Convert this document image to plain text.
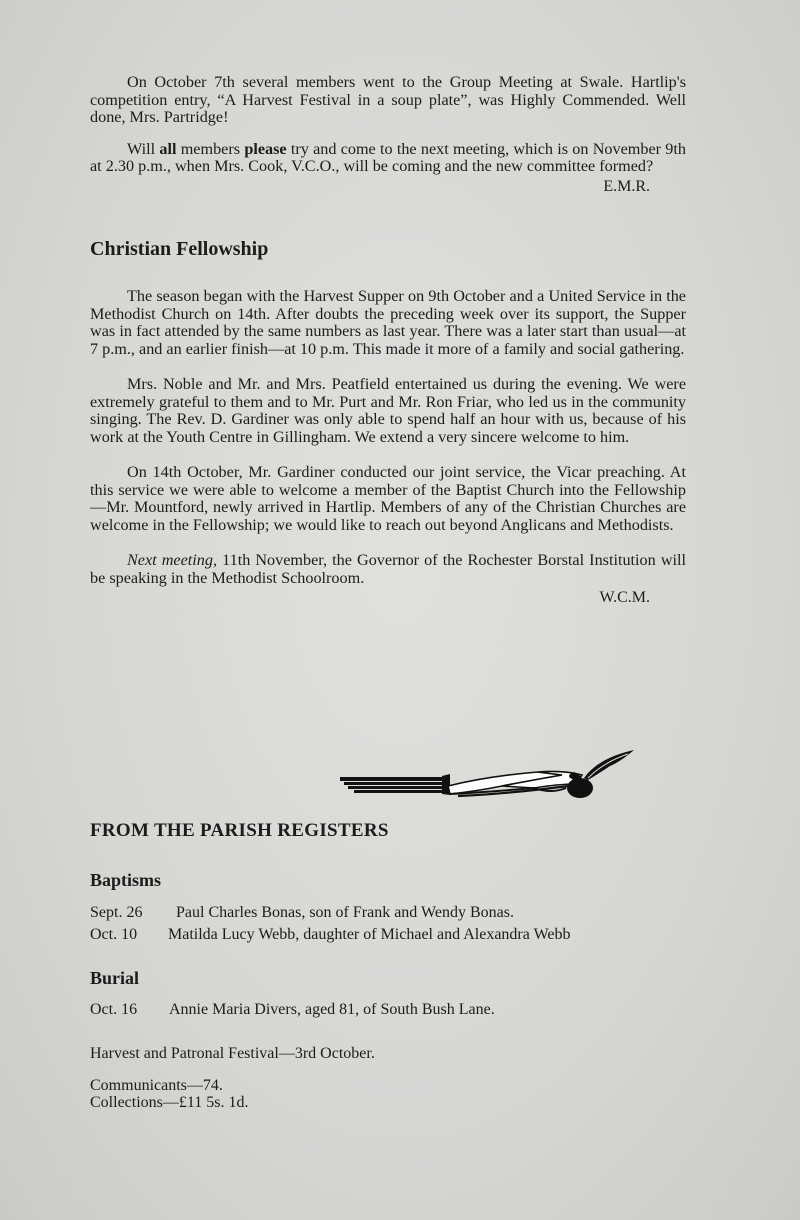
On October 7th several members went to the Group Meeting at Swale. Hartlip's competition entry, “A Harvest Festival in a soup plate”, was Highly Commended. Well done, Mrs. Partridge!

Will all members please try and come to the next meeting, which is on November 9th at 2.30 p.m., when Mrs. Cook, V.C.O., will be coming and the new committee formed?

E.M.R.
Christian Fellowship

The season began with the Harvest Supper on 9th October and a United Service in the Methodist Church on 14th. After doubts the preceding week over its support, the Supper was in fact attended by the same numbers as last year. There was a later start than usual—at 7 p.m., and an earlier finish—at 10 p.m. This made it more of a family and social gathering.

Mrs. Noble and Mr. and Mrs. Peatfield entertained us during the evening. We were extremely grateful to them and to Mr. Purt and Mr. Ron Friar, who led us in the community singing. The Rev. D. Gardiner was only able to spend half an hour with us, because of his work at the Youth Centre in Gillingham. We extend a very sincere welcome to him.

On 14th October, Mr. Gardiner conducted our joint service, the Vicar preaching. At this service we were able to welcome a member of the Baptist Church into the Fellowship—Mr. Mountford, newly arrived in Hartlip. Members of any of the Christian Churches are welcome in the Fellowship; we would like to reach out beyond Anglicans and Methodists.

Next meeting, 11th November, the Governor of the Rochester Borstal Institution will be speaking in the Methodist Schoolroom.

W.C.M.
FROM THE PARISH REGISTERS
Baptisms
Sept. 26 Paul Charles Bonas, son of Frank and Wendy Bonas.
Oct. 10 Matilda Lucy Webb, daughter of Michael and Alexandra Webb
Burial
Oct. 16 Annie Maria Divers, aged 81, of South Bush Lane.
Harvest and Patronal Festival—3rd October.
Communicants—74.
Collections—£11 5s. 1d.
